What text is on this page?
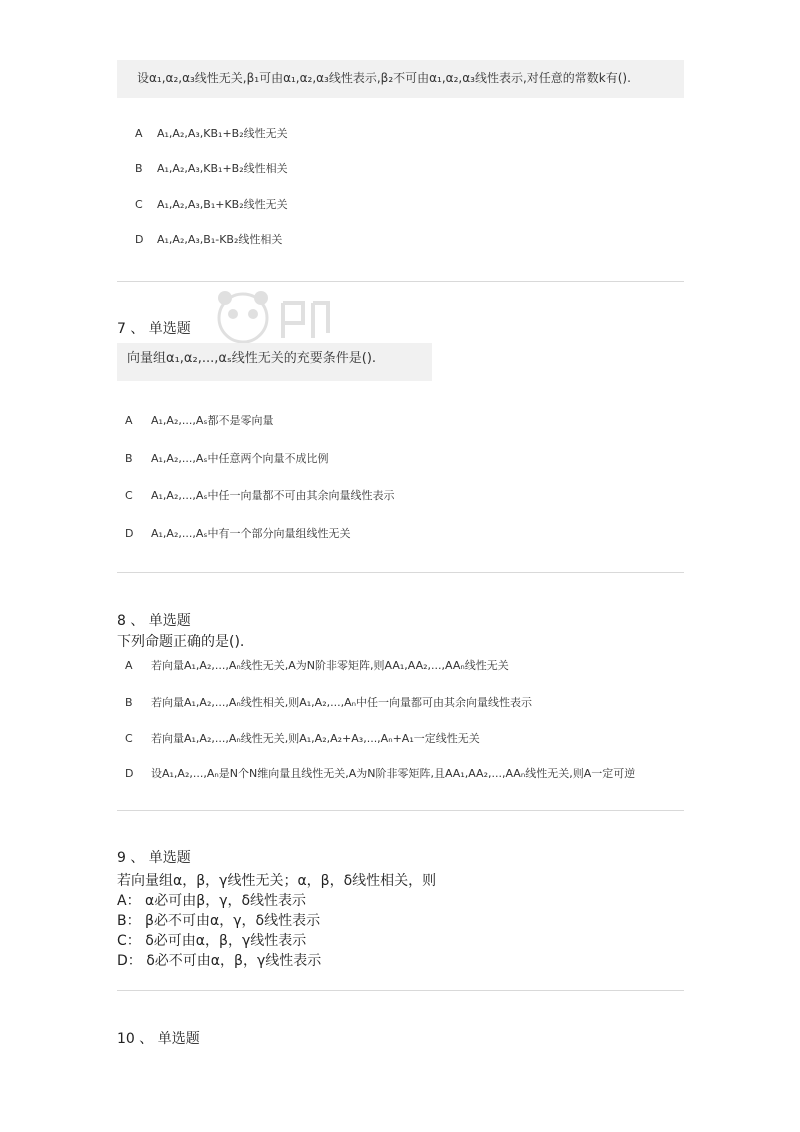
设α₁,α₂,α₃线性无关,β₁可由α₁,α₂,α₃线性表示,β₂不可由α₁,α₂,α₃线性表示,对任意的常数k有().
A A₁,A₂,A₃,KB₁+B₂线性无关
B A₁,A₂,A₃,KB₁+B₂线性相关
C A₁,A₂,A₃,B₁+KB₂线性无关
D A₁,A₂,A₃,B₁-KB₂线性相关
7 、 单选题
向量组α₁,α₂,...,αₛ线性无关的充要条件是().
A A₁,A₂,...,Aₛ都不是零向量
B A₁,A₂,...,Aₛ中任意两个向量不成比例
C A₁,A₂,...,Aₛ中任一向量都不可由其余向量线性表示
D A₁,A₂,...,Aₛ中有一个部分向量组线性无关
8 、 单选题
下列命题正确的是().
A 若向量A₁,A₂,...,Aₙ线性无关,A为N阶非零矩阵,则AA₁,AA₂,...,AAₙ线性无关
B 若向量A₁,A₂,...,Aₙ线性相关,则A₁,A₂,...,Aₙ中任一向量都可由其余向量线性表示
C 若向量A₁,A₂,...,Aₙ线性无关,则A₁,A₂,A₂+A₃,...,Aₙ+A₁一定线性无关
D 设A₁,A₂,...,Aₙ是N个N维向量且线性无关,A为N阶非零矩阵,且AA₁,AA₂,...,AAₙ线性无关,则A一定可逆
9 、 单选题
若向量组α，β，γ线性无关；α，β，δ线性相关，则
A： α必可由β，γ，δ线性表示
B： β必不可由α，γ，δ线性表示
C： δ必可由α，β，γ线性表示
D： δ必不可由α，β，γ线性表示
10 、 单选题
